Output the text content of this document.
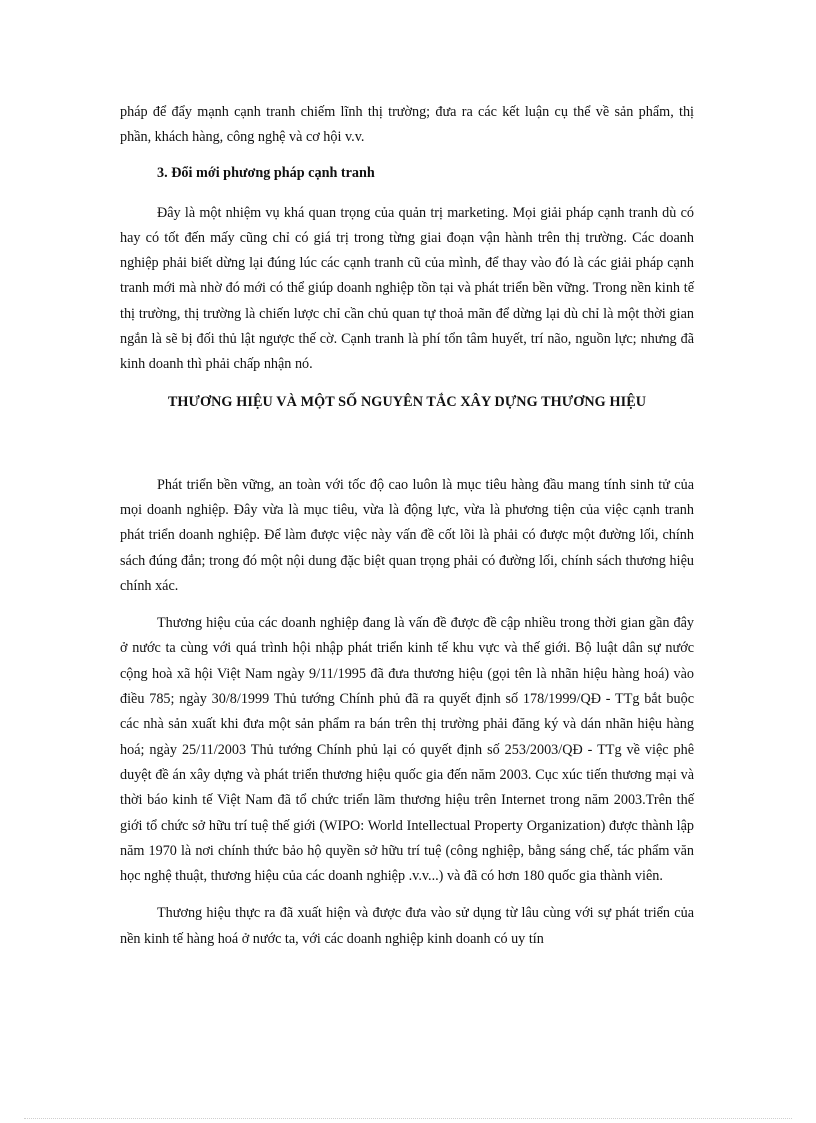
pháp để đẩy mạnh cạnh tranh chiếm lĩnh thị trường; đưa ra các kết luận cụ thể về sản phẩm, thị phần, khách hàng, công nghệ và cơ hội v.v.

3. Đổi mới phương pháp cạnh tranh

Đây là một nhiệm vụ khá quan trọng của quản trị marketing. Mọi giải pháp cạnh tranh dù có hay có tốt đến mấy cũng chỉ có giá trị trong từng giai đoạn vận hành trên thị trường. Các doanh nghiệp phải biết dừng lại đúng lúc các cạnh tranh cũ của mình, để thay vào đó là các giải pháp cạnh tranh mới mà nhờ đó mới có thể giúp doanh nghiệp tồn tại và phát triển bền vững. Trong nền kinh tế thị trường, thị trường là chiến lược chỉ cần chủ quan tự thoả mãn để dừng lại dù chỉ là một thời gian ngắn là sẽ bị đối thủ lật ngược thế cờ. Cạnh tranh là phí tổn tâm huyết, trí não, nguồn lực; nhưng đã kinh doanh thì phải chấp nhận nó.

THƯƠNG HIỆU VÀ MỘT SỐ NGUYÊN TẮC XÂY DỰNG THƯƠNG HIỆU

Phát triển bền vững, an toàn với tốc độ cao luôn là mục tiêu hàng đầu mang tính sinh tử của mọi doanh nghiệp. Đây vừa là mục tiêu, vừa là động lực, vừa là phương tiện của việc cạnh tranh phát triển doanh nghiệp. Để làm được việc này vấn đề cốt lõi là phải có được một đường lối, chính sách đúng đắn; trong đó một nội dung đặc biệt quan trọng phải có đường lối, chính sách thương hiệu chính xác.

Thương hiệu của các doanh nghiệp đang là vấn đề được đề cập nhiều trong thời gian gần đây ở nước ta cùng với quá trình hội nhập phát triển kinh tế khu vực và thế giới. Bộ luật dân sự nước cộng hoà xã hội Việt Nam ngày 9/11/1995 đã đưa thương hiệu (gọi tên là nhãn hiệu hàng hoá) vào điều 785; ngày 30/8/1999 Thủ tướng Chính phủ đã ra quyết định số 178/1999/QĐ - TTg bắt buộc các nhà sản xuất khi đưa một sản phẩm ra bán trên thị trường phải đăng ký và dán nhãn hiệu hàng hoá; ngày 25/11/2003 Thủ tướng Chính phủ lại có quyết định số 253/2003/QĐ - TTg về việc phê duyệt đề án xây dựng và phát triển thương hiệu quốc gia đến năm 2003. Cục xúc tiến thương mại và thời báo kinh tế Việt Nam đã tổ chức triển lãm thương hiệu trên Internet trong năm 2003.Trên thế giới tổ chức sở hữu trí tuệ thế giới (WIPO: World Intellectual Property Organization) được thành lập năm 1970 là nơi chính thức bảo hộ quyền sở hữu trí tuệ (công nghiệp, bằng sáng chế, tác phẩm văn học nghệ thuật, thương hiệu của các doanh nghiệp .v.v...) và đã có hơn 180 quốc gia thành viên.

Thương hiệu thực ra đã xuất hiện và được đưa vào sử dụng từ lâu cùng với sự phát triển của nền kinh tế hàng hoá ở nước ta, với các doanh nghiệp kinh doanh có uy tín
